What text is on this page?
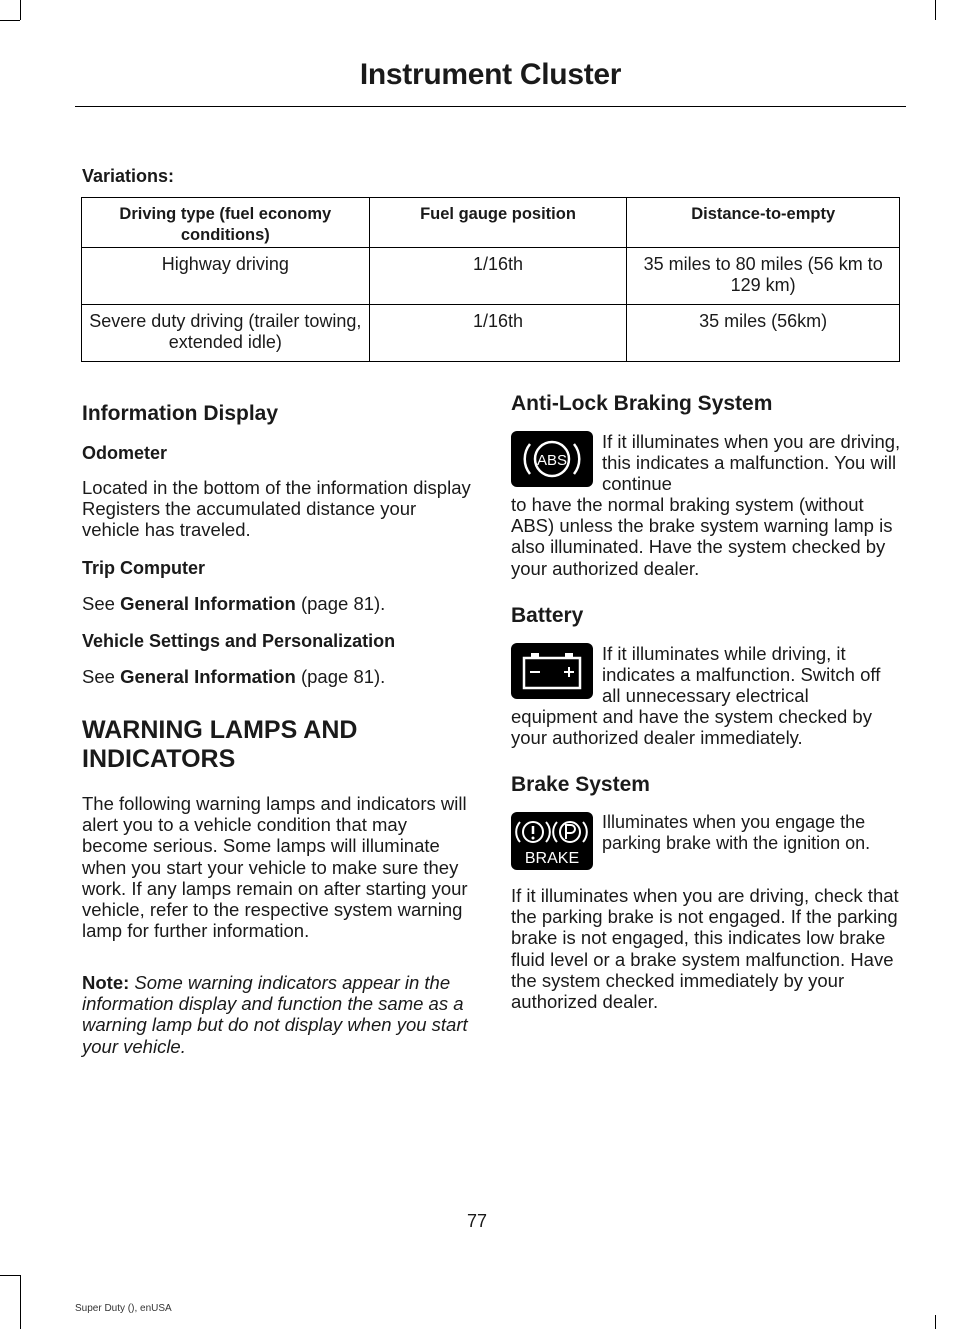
Instrument Cluster
Variations:
Driving type (fuel economy conditions)	Fuel gauge position	Distance-to-empty
Highway driving	1/16th	35 miles to 80 miles (56 km to 129 km)
Severe duty driving (trailer towing, extended idle)	1/16th	35 miles (56km)
Information Display
Odometer

Located in the bottom of the information display Registers the accumulated distance your vehicle has traveled.

Trip Computer

See General Information (page 81).

Vehicle Settings and Personalization

See General Information (page 81).

WARNING LAMPS AND INDICATORS

The following warning lamps and indicators will alert you to a vehicle condition that may become serious. Some lamps will illuminate when you start your vehicle to make sure they work. If any lamps remain on after starting your vehicle, refer to the respective system warning lamp for further information.

Note: Some warning indicators appear in the information display and function the same as a warning lamp but do not display when you start your vehicle.

Anti-Lock Braking System
ABS

If it illuminates when you are driving, this indicates a malfunction. You will continue

to have the normal braking system (without ABS) unless the brake system warning lamp is also illuminated. Have the system checked by your authorized dealer.

Battery

If it illuminates while driving, it indicates a malfunction. Switch off all unnecessary electrical

equipment and have the system checked by your authorized dealer immediately.

Brake System
BRAKE

Illuminates when you engage the parking brake with the ignition on.

If it illuminates when you are driving, check that the parking brake is not engaged. If the parking brake is not engaged, this indicates low brake fluid level or a brake system malfunction. Have the system checked immediately by your authorized dealer.

77
Super Duty (), enUSA
